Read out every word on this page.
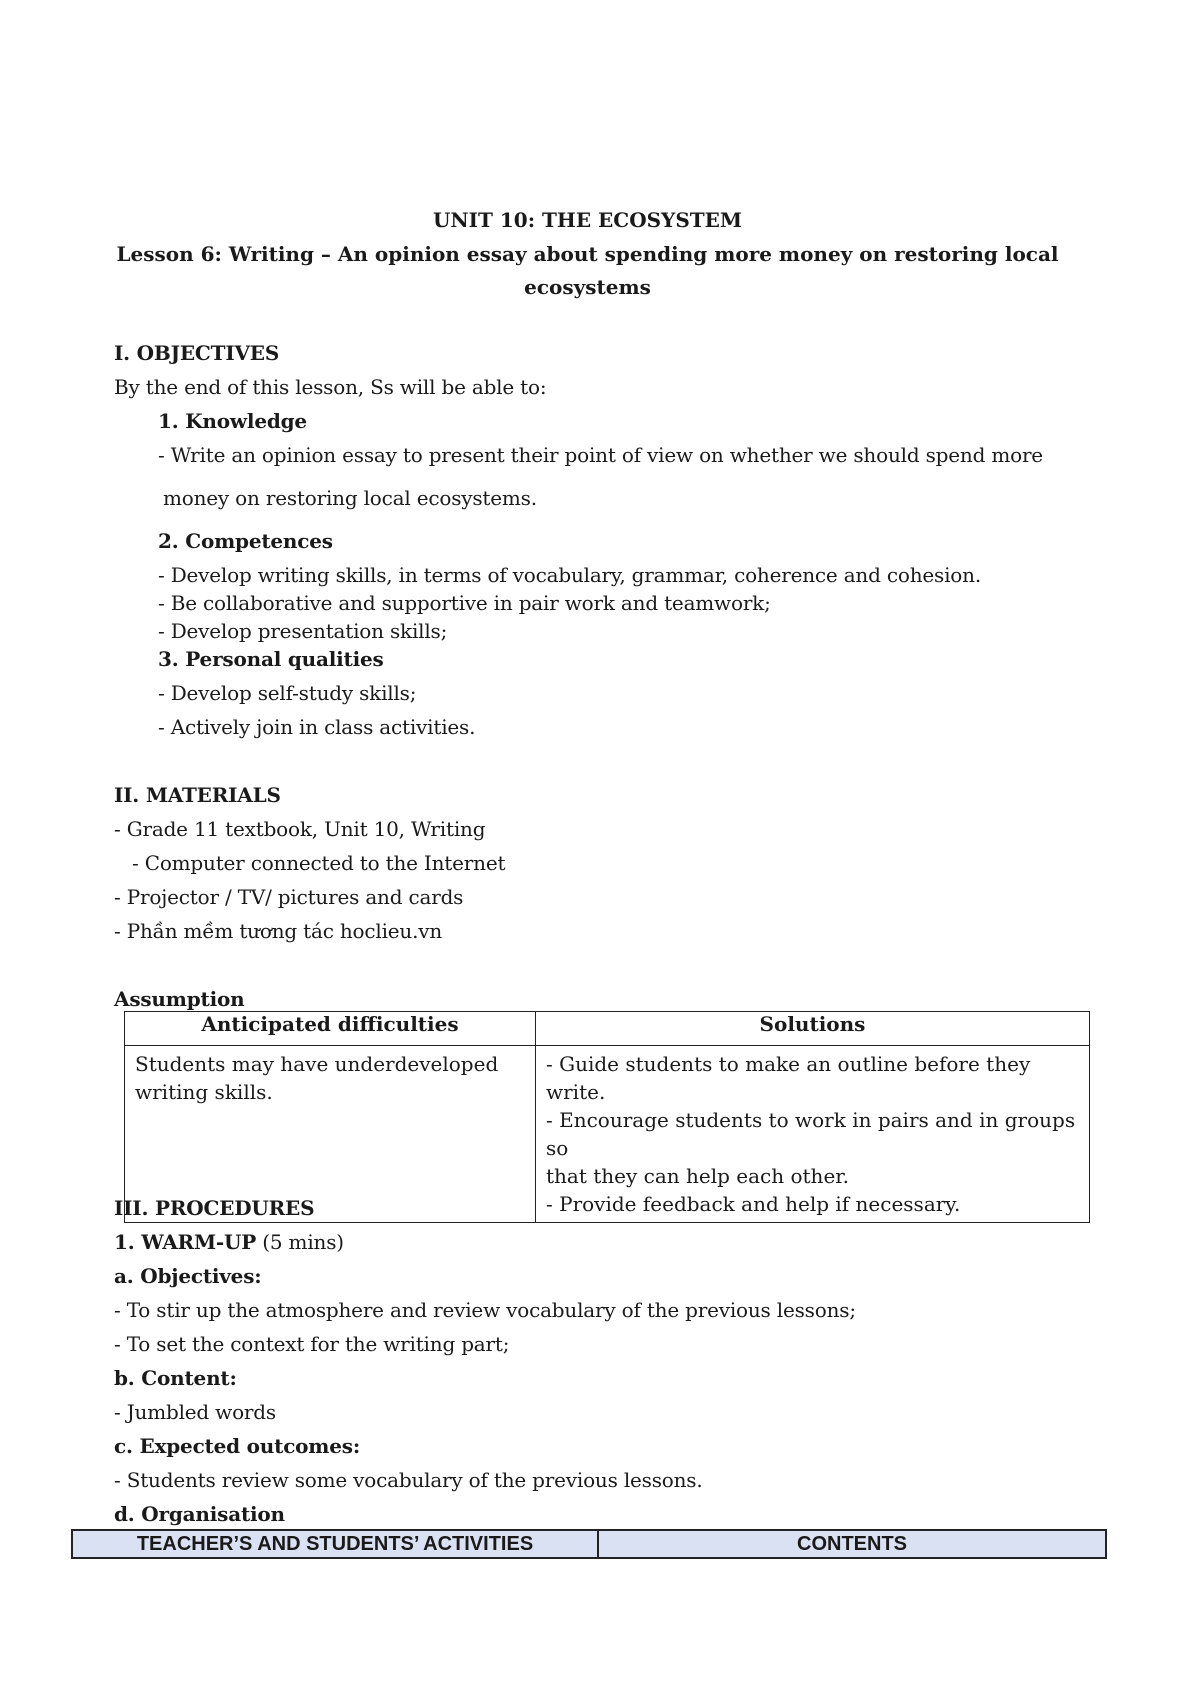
UNIT 10: THE ECOSYSTEM
Lesson 6: Writing – An opinion essay about spending more money on restoring local
ecosystems
I. OBJECTIVES
By the end of this lesson, Ss will be able to:
1. Knowledge
- Write an opinion essay to present their point of view on whether we should spend more
money on restoring local ecosystems.
2. Competences
- Develop writing skills, in terms of vocabulary, grammar, coherence and cohesion.
- Be collaborative and supportive in pair work and teamwork;
- Develop presentation skills;
3. Personal qualities
- Develop self-study skills;
- Actively join in class activities.
II. MATERIALS
- Grade 11 textbook, Unit 10, Writing
- Computer connected to the Internet
- Projector / TV/ pictures and cards
- Phần mềm tương tác hoclieu.vn
Assumption
Anticipated difficulties	Solutions

Students may have underdeveloped
writing skills.	- Guide students to make an outline before they write.
- Encourage students to work in pairs and in groups so
that they can help each other.
- Provide feedback and help if necessary.
III. PROCEDURES
1. WARM-UP (5 mins)
a. Objectives:
- To stir up the atmosphere and review vocabulary of the previous lessons;
- To set the context for the writing part;
b. Content:
- Jumbled words
c. Expected outcomes:
- Students review some vocabulary of the previous lessons.
d. Organisation
TEACHER’S AND STUDENTS’ ACTIVITIES	CONTENTS
